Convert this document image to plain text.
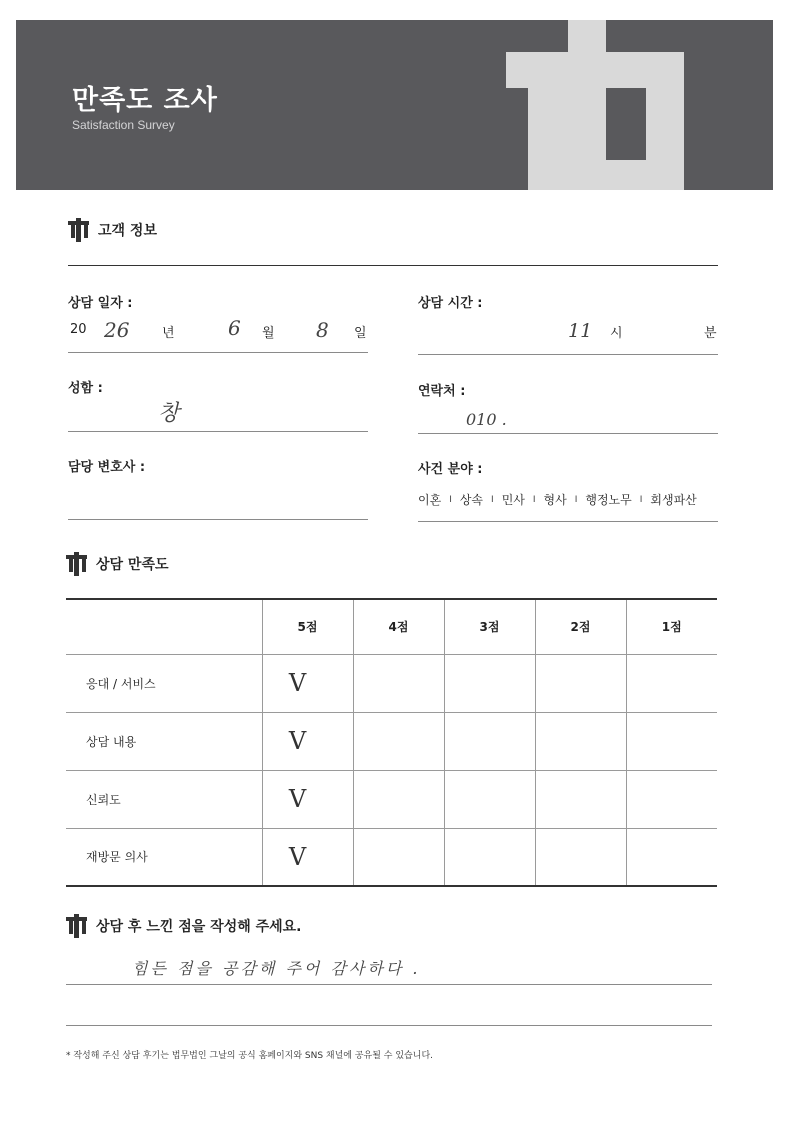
만족도 조사
Satisfaction Survey
고객 정보
상담 일자 :
20 26	년	6 월 8 일
상담 시간 :
11 시	분
성함 :
창
연락처 :
010 .
담당 변호사 :	사건 분야 :
이혼 I 상속 I 민사 I 형사 I 행정노무 I 회생파산
상담 만족도
	5점	4점	3점	2점	1점
응대 / 서비스	V				
상담 내용	V				
신뢰도	V				
재방문 의사	V				
상담 후 느낀 점을 작성해 주세요.
힘든 점을 공감해 주어 감사하다 .
* 작성해 주신 상담 후기는 법무법인 그날의 공식 홈페이지와 SNS 채널에 공유될 수 있습니다.
